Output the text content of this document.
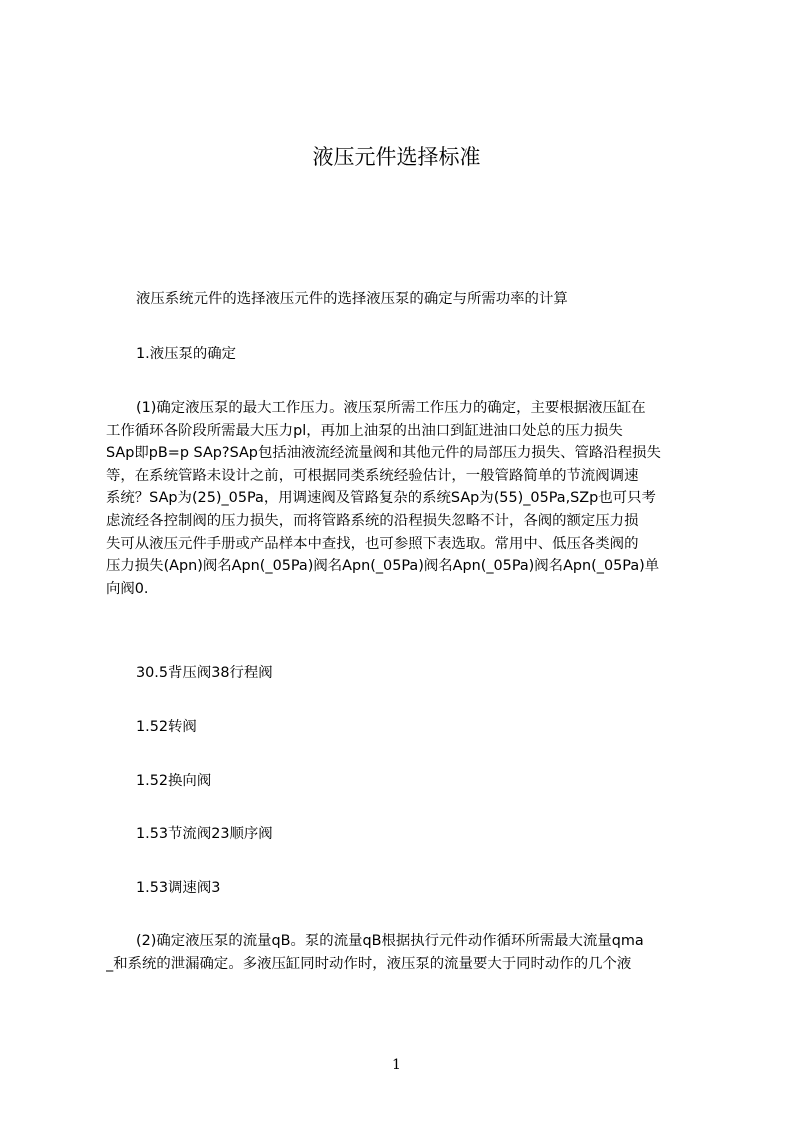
液压元件选择标准

液压系统元件的选择液压元件的选择液压泵的确定与所需功率的计算

1.液压泵的确定

(1)确定液压泵的最大工作压力。液压泵所需工作压力的确定，主要根据液压缸在
工作循环各阶段所需最大压力pl，再加上油泵的出油口到缸进油口处总的压力损失
SAp即pB=p SAp?SAp包括油液流经流量阀和其他元件的局部压力损失、管路沿程损失
等，在系统管路未设计之前，可根据同类系统经验估计，一般管路简单的节流阀调速
系统？SAp为(25)_05Pa，用调速阀及管路复杂的系统SAp为(55)_05Pa,SZp也可只考
虑流经各控制阀的压力损失，而将管路系统的沿程损失忽略不计，各阀的额定压力损
失可从液压元件手册或产品样本中查找，也可参照下表选取。常用中、低压各类阀的
压力损失(Apn)阀名Apn(_05Pa)阀名Apn(_05Pa)阀名Apn(_05Pa)阀名Apn(_05Pa)单
向阀0.

30.5背压阀38行程阀

1.52转阀

1.52换向阀

1.53节流阀23顺序阀

1.53调速阀3

(2)确定液压泵的流量qB。泵的流量qB根据执行元件动作循环所需最大流量qma
_和系统的泄漏确定。多液压缸同时动作时，液压泵的流量要大于同时动作的几个液
1
